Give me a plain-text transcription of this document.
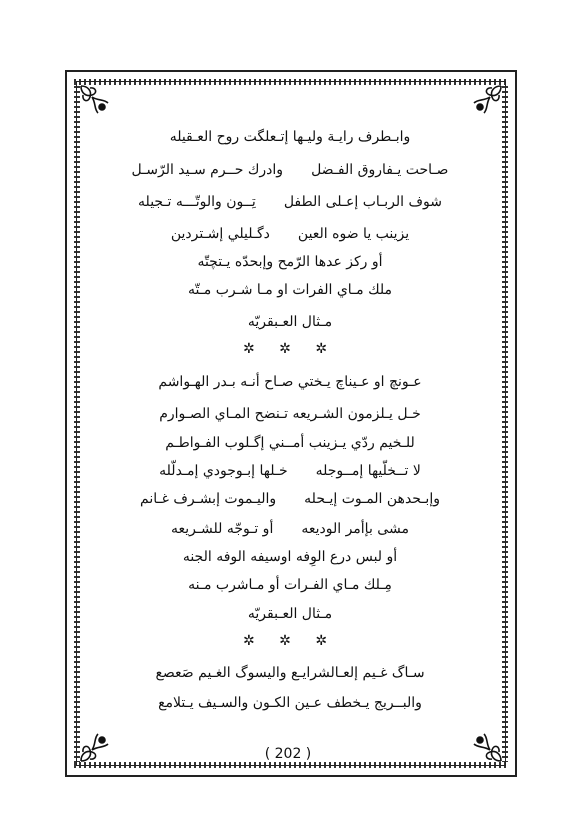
وابـطرف رايـة وليـها إتـعلگت روح العـقيله
صـاحت يـفاروق الفـضلوادرك حــرم سـيد الرّسـل
شوف الربـاب إعـلى الطفلتِــون والوتّـــه تـجيله
يزينب يا ضوه العيندگـليلي إشـتردين
أو ركز عدها الرّمح وإبحدّه يـتچتّه
ملك مـاي الفرات او مـا شـرب مـتّه
مـثال العـبقريّه
✲ ✲ ✲
عـونچ او عـيناچ يـختي صـاح أنـه بـدر الهـواشم
خـل يـلزمون الشـريعه تـنضح المـاي الصـوارم
للـخيم ردّي يـزينب أمــني إگـلوب الفـواطـم
لا تــخلّيها إمــوجلهخـلها إبـوجودي إمـدلّله
وإبـحدهن المـوت إيـحلهواليـموت إبشـرف غـانم
مشى بإأمر الوديعهأو تـوجّه للشـريعه
أو لبس درع الوِفه اوسيفه الوفه الجنه
مِـلك مـاي الفـرات أو مـاشرب مـنه
مـثال العـبقريّه
✲ ✲ ✲
سـاگ غـيم إلعـالشرايـع واليسوگ الغـيم صَعصع
والبــريج يـخطف عـين الكـون والسـيف يـتلامع
( 202 )
